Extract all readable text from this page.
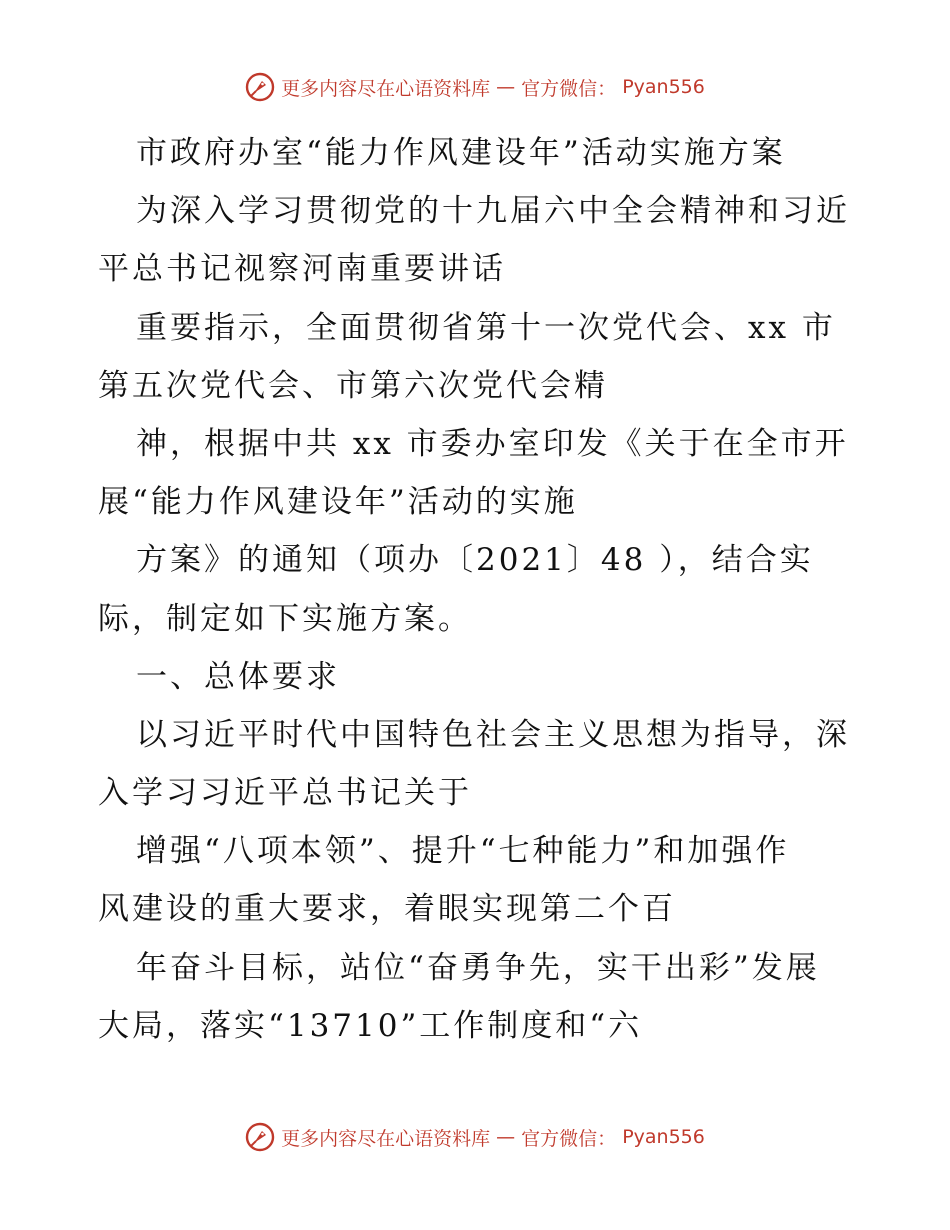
更多内容尽在心语资料库 — 官方微信： Pyan556
市政府办室“能力作风建设年”活动实施方案
为深入学习贯彻党的十九届六中全会精神和习近
平总书记视察河南重要讲话
重要指示，全面贯彻省第十一次党代会、xx 市
第五次党代会、市第六次党代会精
神，根据中共 xx 市委办室印发《关于在全市开
展“能力作风建设年”活动的实施
方案》的通知（项办〔2021〕48 ），结合实
际，制定如下实施方案。
一、总体要求
以习近平时代中国特色社会主义思想为指导，深
入学习习近平总书记关于
增强“八项本领”、提升“七种能力”和加强作
风建设的重大要求，着眼实现第二个百
年奋斗目标，站位“奋勇争先，实干出彩”发展
大局，落实“13710”工作制度和“六
更多内容尽在心语资料库 — 官方微信： Pyan556
